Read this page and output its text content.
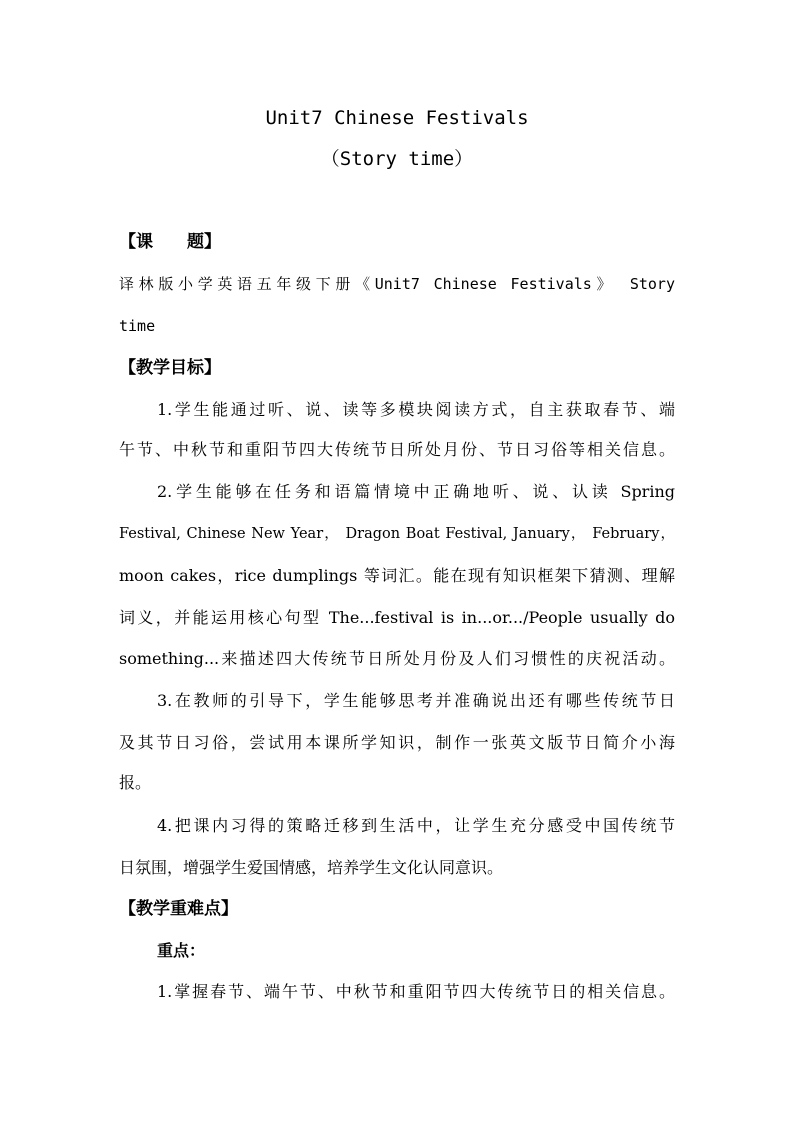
Unit7 Chinese Festivals
（Story time）
【课　　题】
译林版小学英语五年级下册《Unit7 Chinese Festivals》 Story
time
【教学目标】
1.学生能通过听、说、读等多模块阅读方式，自主获取春节、端
午节、中秋节和重阳节四大传统节日所处月份、节日习俗等相关信息。
2.学生能够在任务和语篇情境中正确地听、说、认读 Spring
Festival, Chinese New Year， Dragon Boat Festival, January， February，
moon cakes，rice dumplings 等词汇。能在现有知识框架下猜测、理解
词义，并能运用核心句型 The...festival is in...or.../People usually do
something...来描述四大传统节日所处月份及人们习惯性的庆祝活动。
3.在教师的引导下，学生能够思考并准确说出还有哪些传统节日
及其节日习俗，尝试用本课所学知识，制作一张英文版节日简介小海
报。
4.把课内习得的策略迁移到生活中，让学生充分感受中国传统节
日氛围，增强学生爱国情感，培养学生文化认同意识。
【教学重难点】
重点：
1.掌握春节、端午节、中秋节和重阳节四大传统节日的相关信息。
